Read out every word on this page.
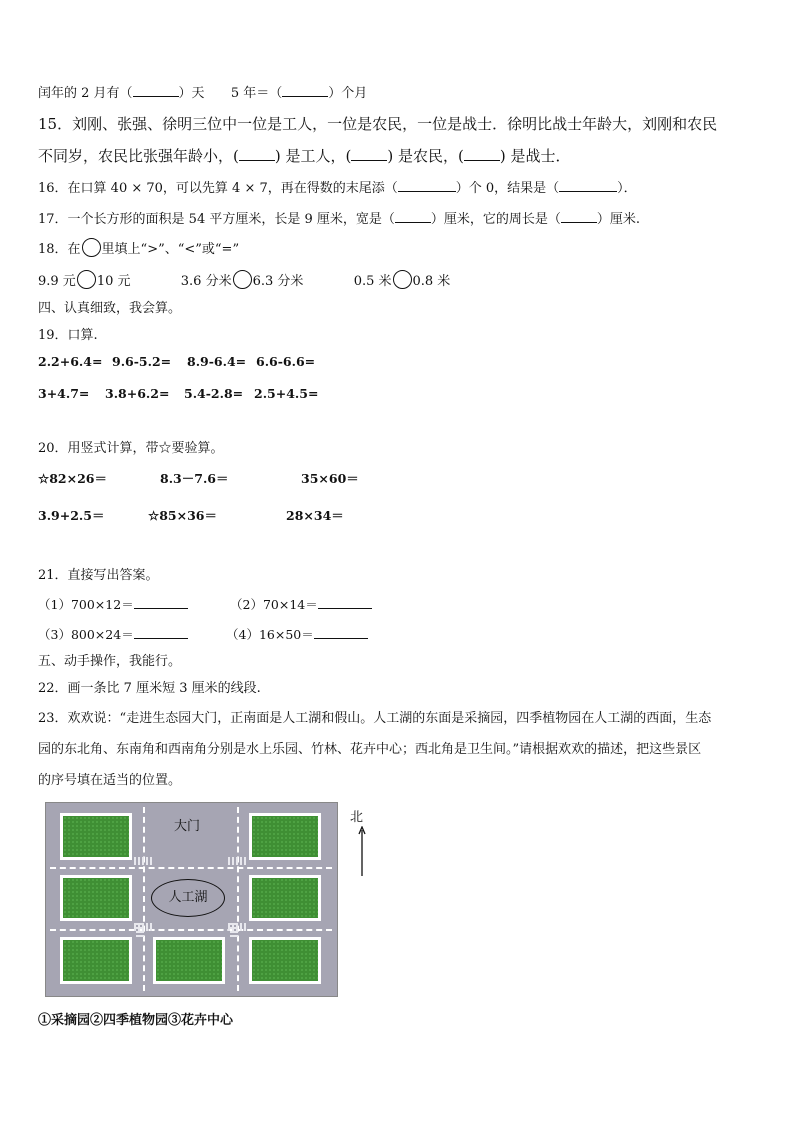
闰年的 2 月有（	）天 5 年＝（	）个月
15．刘刚、张强、徐明三位中一位是工人，一位是农民，一位是战士．徐明比战士年龄大，刘刚和农民
不同岁，农民比张强年龄小，( ) 是工人，( ) 是农民，( ) 是战士．
16．在口算 40 × 70，可以先算 4 × 7，再在得数的末尾添（	）个 0，结果是（	）．
17．一个长方形的面积是 54 平方厘米，长是 9 厘米，宽是（	）厘米，它的周长是（	）厘米.
18．在 里填上“>”、“<”或“=”
9.9 元 10 元	3.6 分米 6.3 分米	0.5 米 0.8 米
四、认真细致，我会算。
19．口算.
2.2+6.4= 9.6-5.2= 8.9-6.4= 6.6-6.6=
3+4.7= 3.8+6.2= 5.4-2.8= 2.5+4.5=
20．用竖式计算，带☆要验算。
☆82×26＝	8.3－7.6＝	35×60＝
3.9+2.5＝	☆85×36＝	28×34＝
21．直接写出答案。
（1）700×12＝	（2）70×14＝
（3）800×24＝	（4）16×50＝
五、动手操作，我能行。
22．画一条比 7 厘米短 3 厘米的线段.
23．欢欢说：“走进生态园大门，正南面是人工湖和假山。人工湖的东面是采摘园，四季植物园在人工湖的西面，生态
园的东北角、东南角和西南角分别是水上乐园、竹林、花卉中心；西北角是卫生间。”请根据欢欢的描述，把这些景区
的序号填在适当的位置。
大门
人工湖
北
①采摘园②四季植物园③花卉中心
